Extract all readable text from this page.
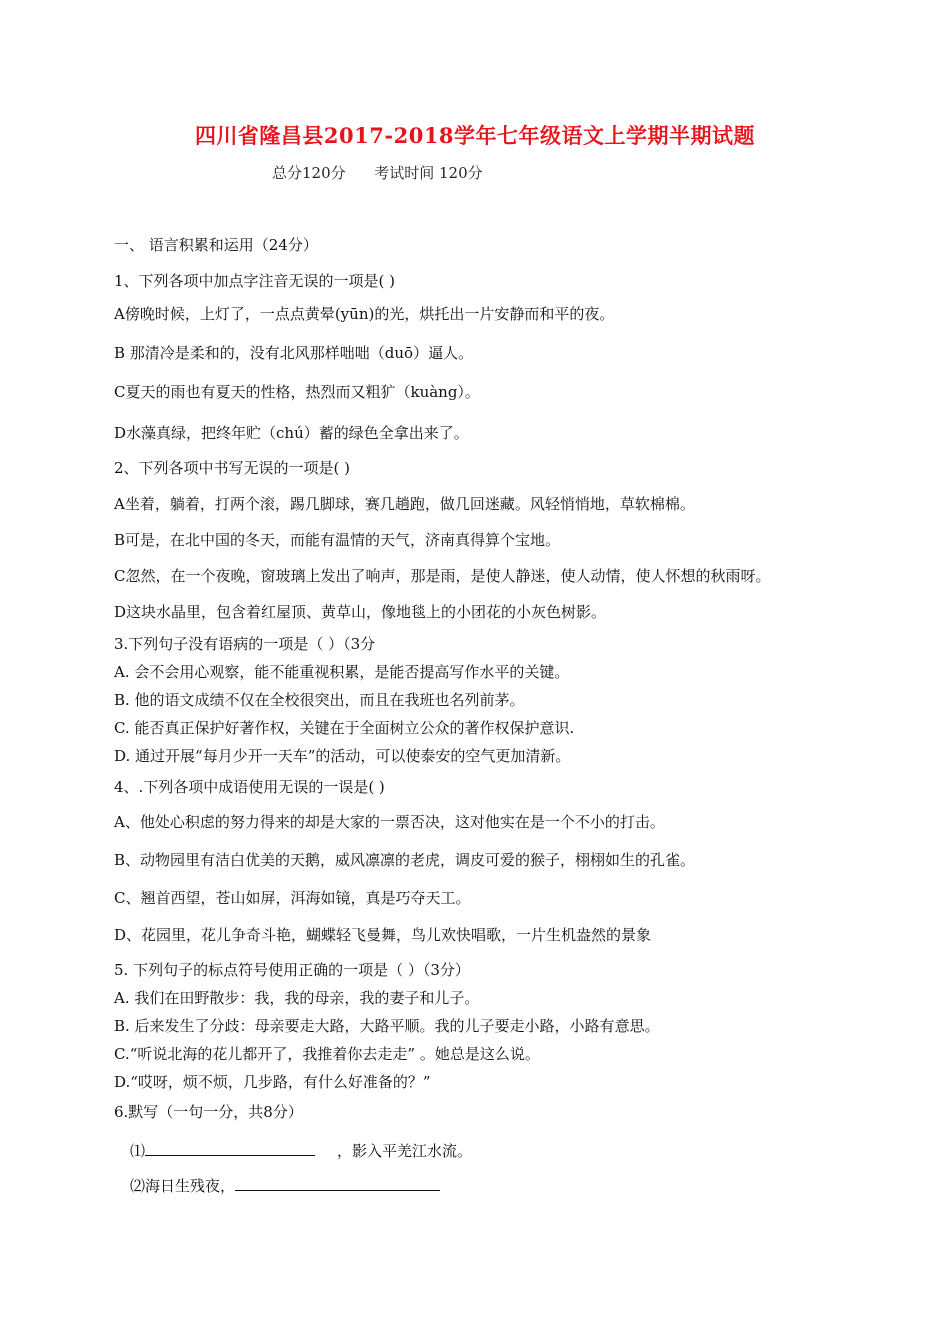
四川省隆昌县2017-2018学年七年级语文上学期半期试题
总分120分      考试时间 120分
一、 语言积累和运用（24分）
1、下列各项中加点字注音无误的一项是( )
A傍晚时候，上灯了，一点点黄晕(yūn)的光，烘托出一片安静而和平的夜。
B 那清冷是柔和的，没有北风那样咄咄（duō）逼人。
C夏天的雨也有夏天的性格，热烈而又粗犷（kuàng）。
D水藻真绿，把终年贮（chú）蓄的绿色全拿出来了。
2、下列各项中书写无误的一项是( )
A坐着，躺着，打两个滚，踢几脚球，赛几趟跑，做几回迷藏。风轻悄悄地，草软棉棉。
B可是，在北中国的冬天，而能有温情的天气，济南真得算个宝地。
C忽然，在一个夜晚，窗玻璃上发出了响声，那是雨，是使人静迷，使人动情，使人怀想的秋雨呀。
D这块水晶里，包含着红屋顶、黄草山，像地毯上的小团花的小灰色树影。
3.下列句子没有语病的一项是（ ）（3分
A. 会不会用心观察，能不能重视积累，是能否提高写作水平的关键。
B. 他的语文成绩不仅在全校很突出，而且在我班也名列前茅。
C. 能否真正保护好著作权，关键在于全面树立公众的著作权保护意识.
D. 通过开展“每月少开一天车”的活动，可以使泰安的空气更加清新。
4、.下列各项中成语使用无误的一误是( )
A、他处心积虑的努力得来的却是大家的一票否决，这对他实在是一个不小的打击。
B、动物园里有洁白优美的天鹅，威风凛凛的老虎，调皮可爱的猴子，栩栩如生的孔雀。
C、翘首西望，苍山如屏，洱海如镜，真是巧夺天工。
D、花园里，花儿争奇斗艳，蝴蝶轻飞曼舞，鸟儿欢快唱歌，一片生机盎然的景象
5. 下列句子的标点符号使用正确的一项是（ ）（3分）
A. 我们在田野散步：我，我的母亲，我的妻子和儿子。
B. 后来发生了分歧：母亲要走大路，大路平顺。我的儿子要走小路，小路有意思。
C.“听说北海的花儿都开了，我推着你去走走” 。她总是这么说。
D.“哎呀，烦不烦，几步路，有什么好准备的？”
6.默写（一句一分，共8分）
⑴	，影入平羌江水流。
⑵海日生残夜，
